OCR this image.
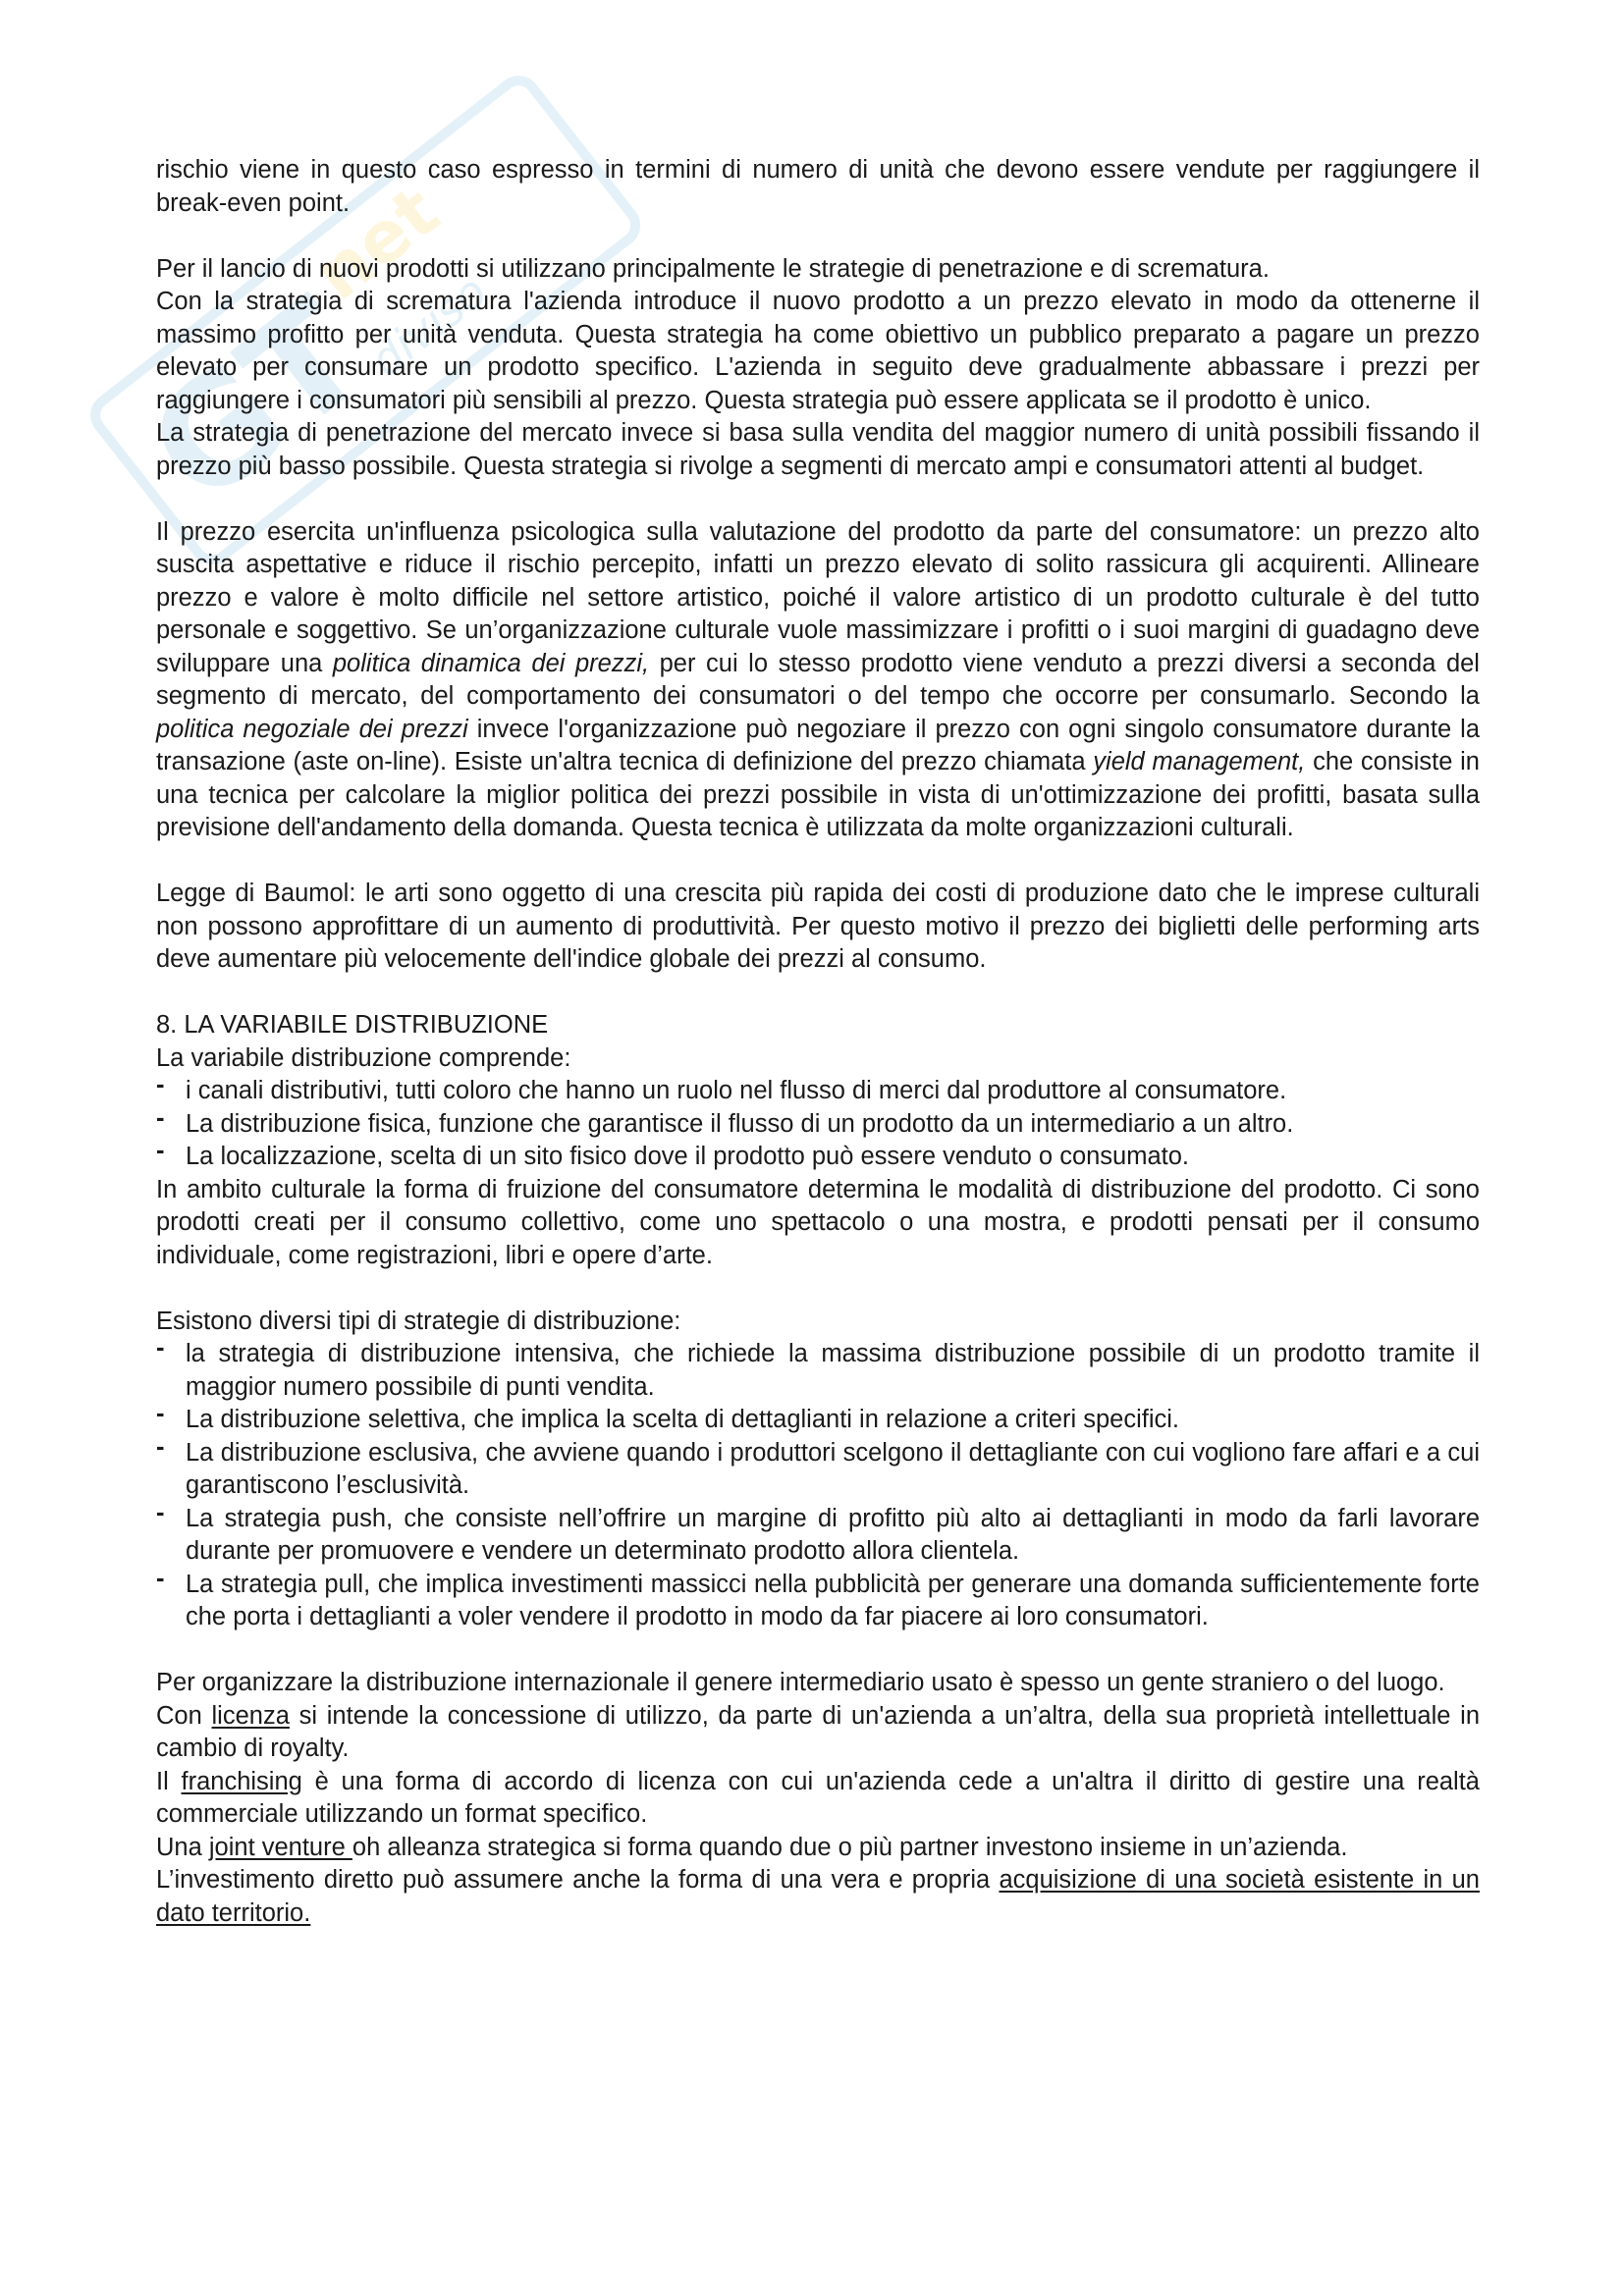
GT
net
diviso

rischio viene in questo caso espresso in termini di numero di unità che devono essere vendute per raggiungere il break-even point.

Per il lancio di nuovi prodotti si utilizzano principalmente le strategie di penetrazione e di scrematura.

Con la strategia di scrematura l'azienda introduce il nuovo prodotto a un prezzo elevato in modo da ottenerne il massimo profitto per unità venduta. Questa strategia ha come obiettivo un pubblico preparato a pagare un prezzo elevato per consumare un prodotto specifico. L'azienda in seguito deve gradualmente abbassare i prezzi per raggiungere i consumatori più sensibili al prezzo. Questa strategia può essere applicata se il prodotto è unico.

La strategia di penetrazione del mercato invece si basa sulla vendita del maggior numero di unità possibili fissando il prezzo più basso possibile. Questa strategia si rivolge a segmenti di mercato ampi e consumatori attenti al budget.

Il prezzo esercita un'influenza psicologica sulla valutazione del prodotto da parte del consumatore: un prezzo alto suscita aspettative e riduce il rischio percepito, infatti un prezzo elevato di solito rassicura gli acquirenti. Allineare prezzo e valore è molto difficile nel settore artistico, poiché il valore artistico di un prodotto culturale è del tutto personale e soggettivo. Se un’organizzazione culturale vuole massimizzare i profitti o i suoi margini di guadagno deve sviluppare una politica dinamica dei prezzi, per cui lo stesso prodotto viene venduto a prezzi diversi a seconda del segmento di mercato, del comportamento dei consumatori o del tempo che occorre per consumarlo. Secondo la politica negoziale dei prezzi invece l'organizzazione può negoziare il prezzo con ogni singolo consumatore durante la transazione (aste on-line). Esiste un'altra tecnica di definizione del prezzo chiamata yield management, che consiste in una tecnica per calcolare la miglior politica dei prezzi possibile in vista di un'ottimizzazione dei profitti, basata sulla previsione dell'andamento della domanda. Questa tecnica è utilizzata da molte organizzazioni culturali.

Legge di Baumol: le arti sono oggetto di una crescita più rapida dei costi di produzione dato che le imprese culturali non possono approfittare di un aumento di produttività. Per questo motivo il prezzo dei biglietti delle performing arts deve aumentare più velocemente dell'indice globale dei prezzi al consumo.

8. LA VARIABILE DISTRIBUZIONE

La variabile distribuzione comprende:

- i canali distributivi, tutti coloro che hanno un ruolo nel flusso di merci dal produttore al consumatore.
- La distribuzione fisica, funzione che garantisce il flusso di un prodotto da un intermediario a un altro.
- La localizzazione, scelta di un sito fisico dove il prodotto può essere venduto o consumato.

In ambito culturale la forma di fruizione del consumatore determina le modalità di distribuzione del prodotto. Ci sono prodotti creati per il consumo collettivo, come uno spettacolo o una mostra, e prodotti pensati per il consumo individuale, come registrazioni, libri e opere d’arte.

Esistono diversi tipi di strategie di distribuzione:

- la strategia di distribuzione intensiva, che richiede la massima distribuzione possibile di un prodotto tramite il maggior numero possibile di punti vendita.
- La distribuzione selettiva, che implica la scelta di dettaglianti in relazione a criteri specifici.
- La distribuzione esclusiva, che avviene quando i produttori scelgono il dettagliante con cui vogliono fare affari e a cui garantiscono l’esclusività.
- La strategia push, che consiste nell’offrire un margine di profitto più alto ai dettaglianti in modo da farli lavorare durante per promuovere e vendere un determinato prodotto allora clientela.
- La strategia pull, che implica investimenti massicci nella pubblicità per generare una domanda sufficientemente forte che porta i dettaglianti a voler vendere il prodotto in modo da far piacere ai loro consumatori.

Per organizzare la distribuzione internazionale il genere intermediario usato è spesso un gente straniero o del luogo.

Con licenza si intende la concessione di utilizzo, da parte di un'azienda a un’altra, della sua proprietà intellettuale in cambio di royalty.

Il franchising è una forma di accordo di licenza con cui un'azienda cede a un'altra il diritto di gestire una realtà commerciale utilizzando un format specifico.

Una joint venture oh alleanza strategica si forma quando due o più partner investono insieme in un’azienda.

L’investimento diretto può assumere anche la forma di una vera e propria acquisizione di una società esistente in un dato territorio.
